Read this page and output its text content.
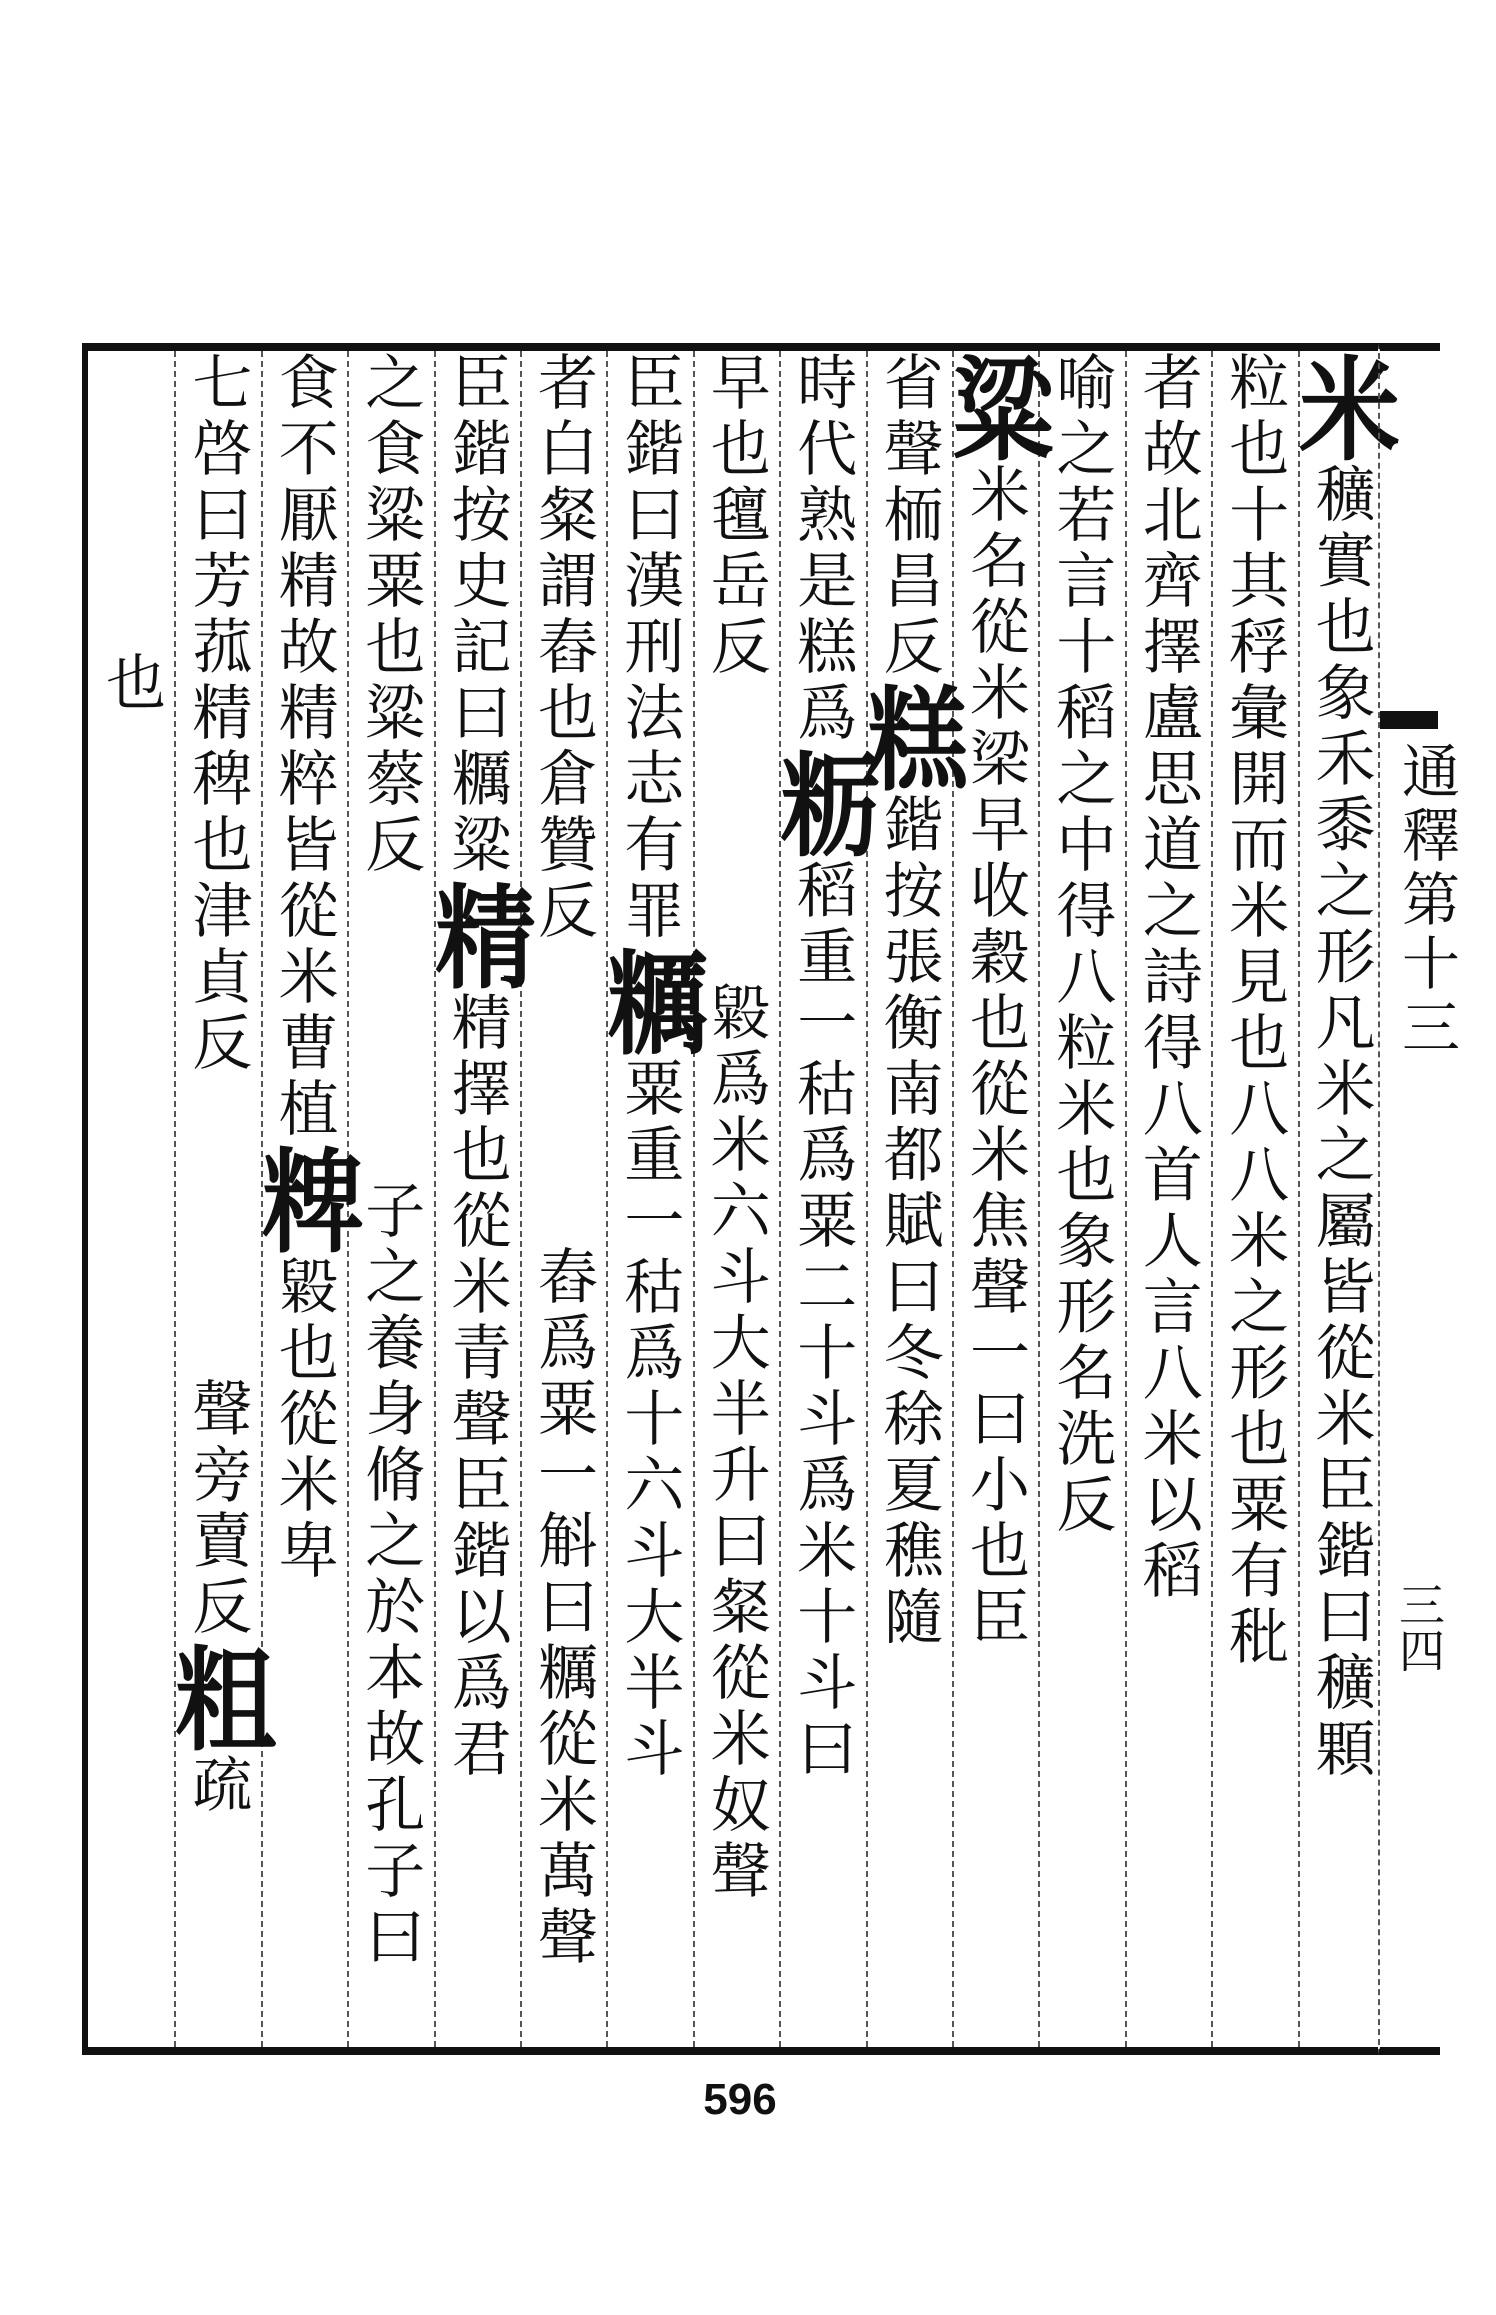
米
穬實也象禾黍之形凡米之屬皆從米臣鍇曰穬顆
粒也十其稃彙開而米見也八八米之形也粟有秕
者故北齊擇盧思道之詩得八首人言八米以稻
喻之若言十稻之中得八粒米也象形名洗反
粱
米名從米梁早收穀也從米焦聲一曰小也臣
省聲栭昌反
糕
鍇按張衡南都賦曰冬稌夏穛隨
時代熟是糕爲
粝
稻重一秙爲粟二十斗爲米十斗曰
早也氊岳反
毇爲米六斗大半升曰粲從米奴聲
臣鍇曰漢刑法志有罪
糲
粟重一秙爲十六斗大半斗
者白粲謂舂也倉贊反
舂爲粟一斛曰糲從米萬聲
臣鍇按史記曰糲粱
精
精擇也從米青聲臣鍇以爲君
之食粱粟也粱蔡反
子之養身脩之於本故孔子曰
食不厭精故精粹皆從米曹植
粺
毇也從米卑
七啓曰芳菰精稗也津貞反
聲旁賣反
粗
疏
也
通釋第十三
三四
596
